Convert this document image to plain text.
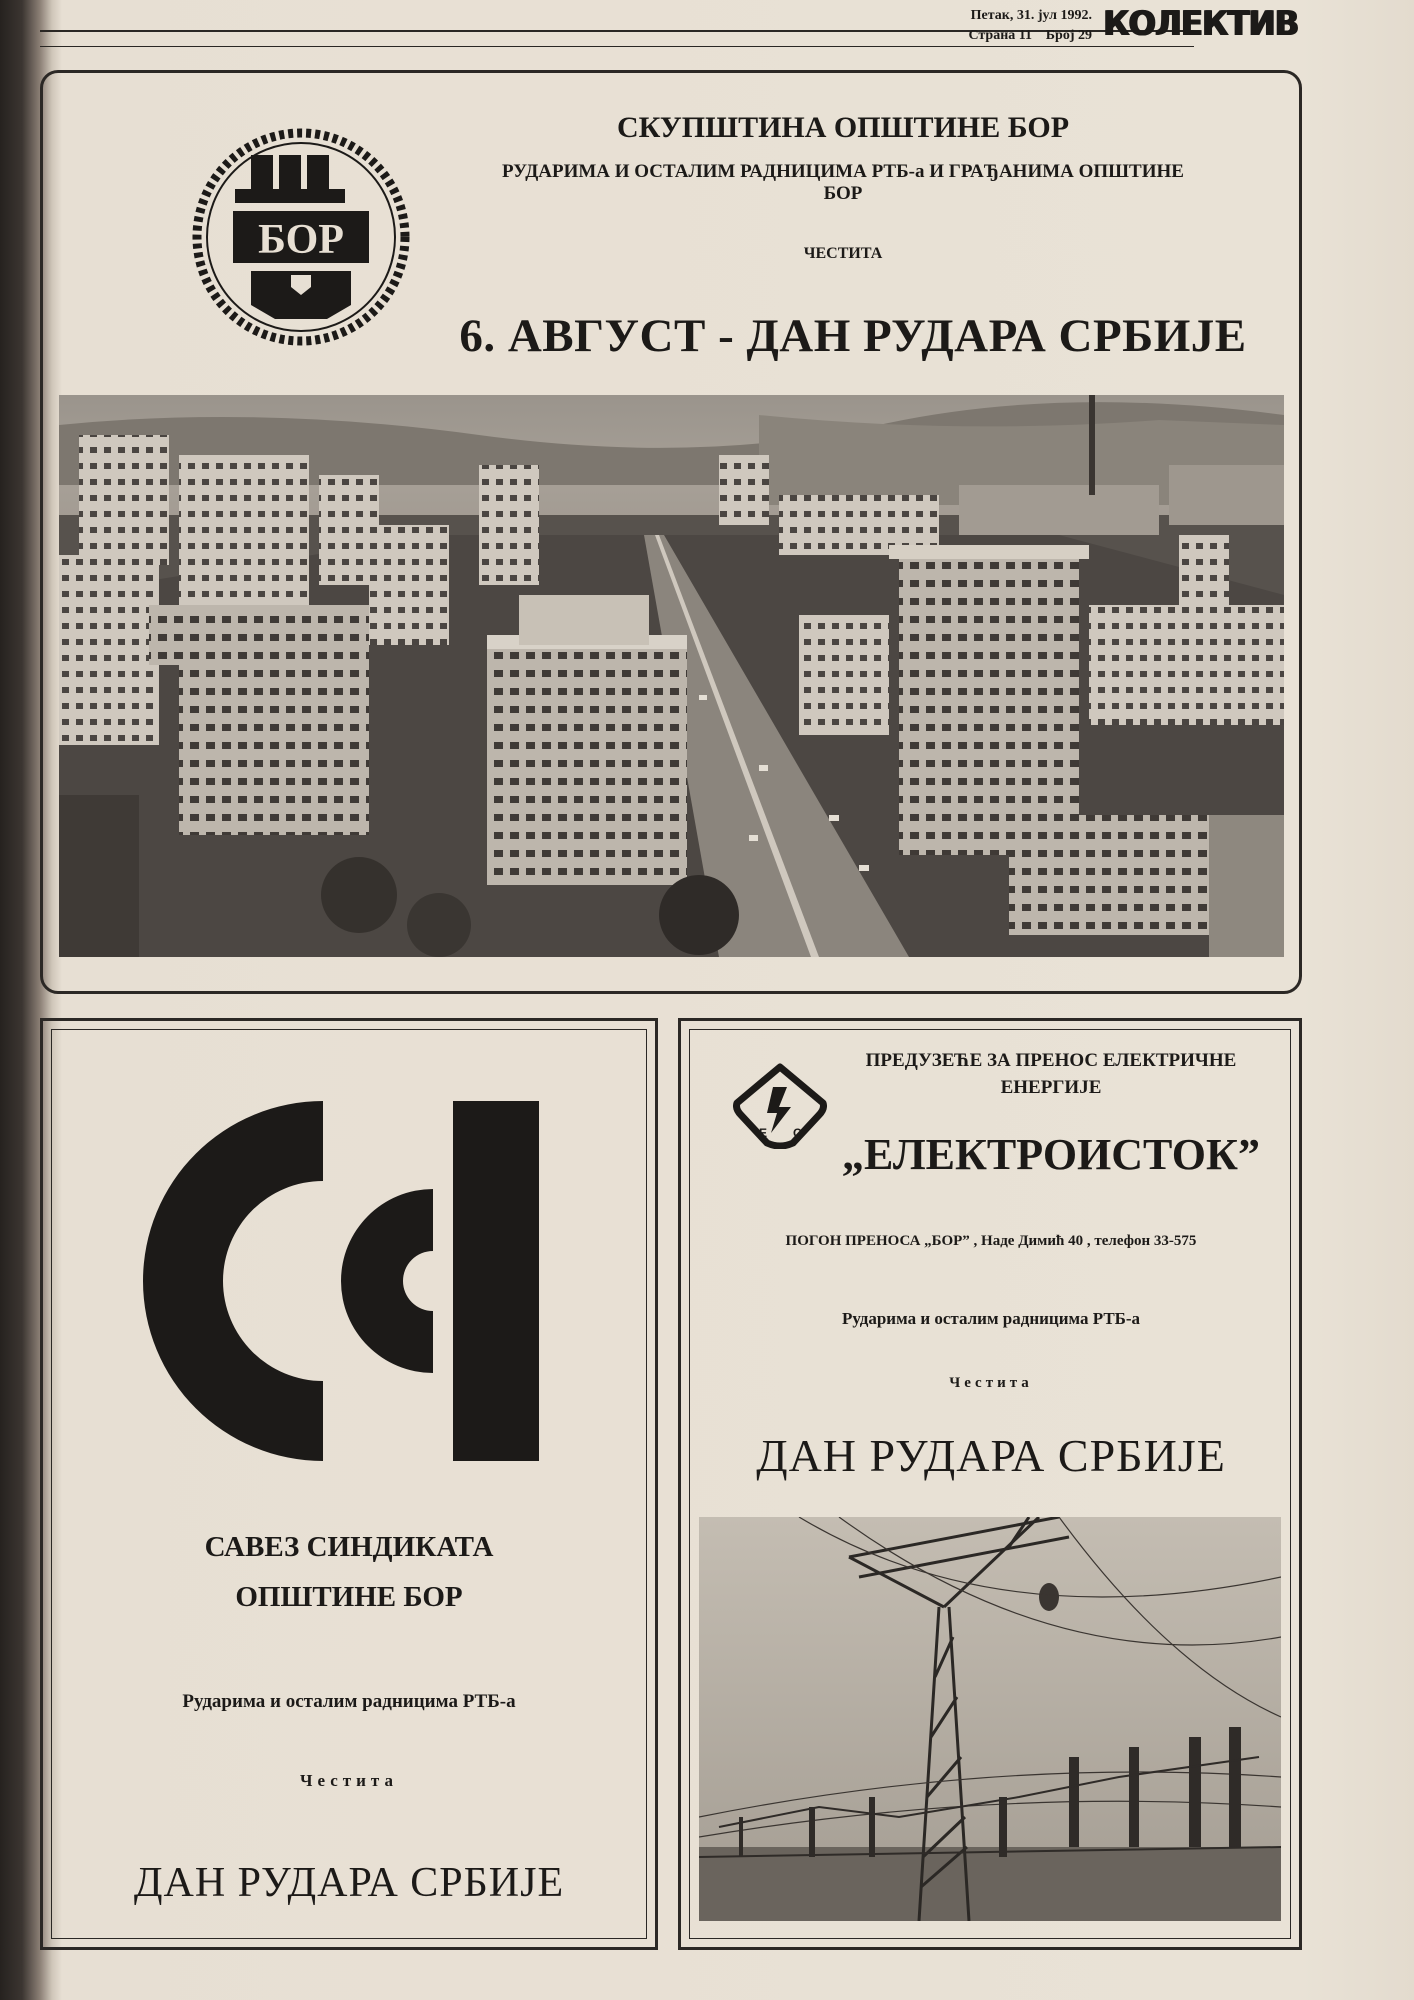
Петак, 31. јул 1992.
Страна 11 Број 29 КОЛЕКТИВ
БОР
СКУПШТИНА ОПШТИНЕ БОР
РУДАРИМА И ОСТАЛИМ РАДНИЦИМА РТБ-а И ГРАЂАНИМА ОПШТИНЕ БОР
ЧЕСТИТА
6. АВГУСТ - ДАН РУДАРА СРБИЈЕ
САВЕЗ СИНДИКАТА
ОПШТИНЕ БОР
Рударима и осталим радницима РТБ-а
Честита
ДАН РУДАРА СРБИЈЕ
Е С
ПРЕДУЗЕЋЕ ЗА ПРЕНОС ЕЛЕКТРИЧНЕ ЕНЕРГИЈЕ
„ЕЛЕКТРОИСТОК”
ПОГОН ПРЕНОСА „БОР” , Наде Димић 40 , телефон 33-575
Рударима и осталим радницима РТБ-а
Честита
ДАН РУДАРА СРБИЈЕ
